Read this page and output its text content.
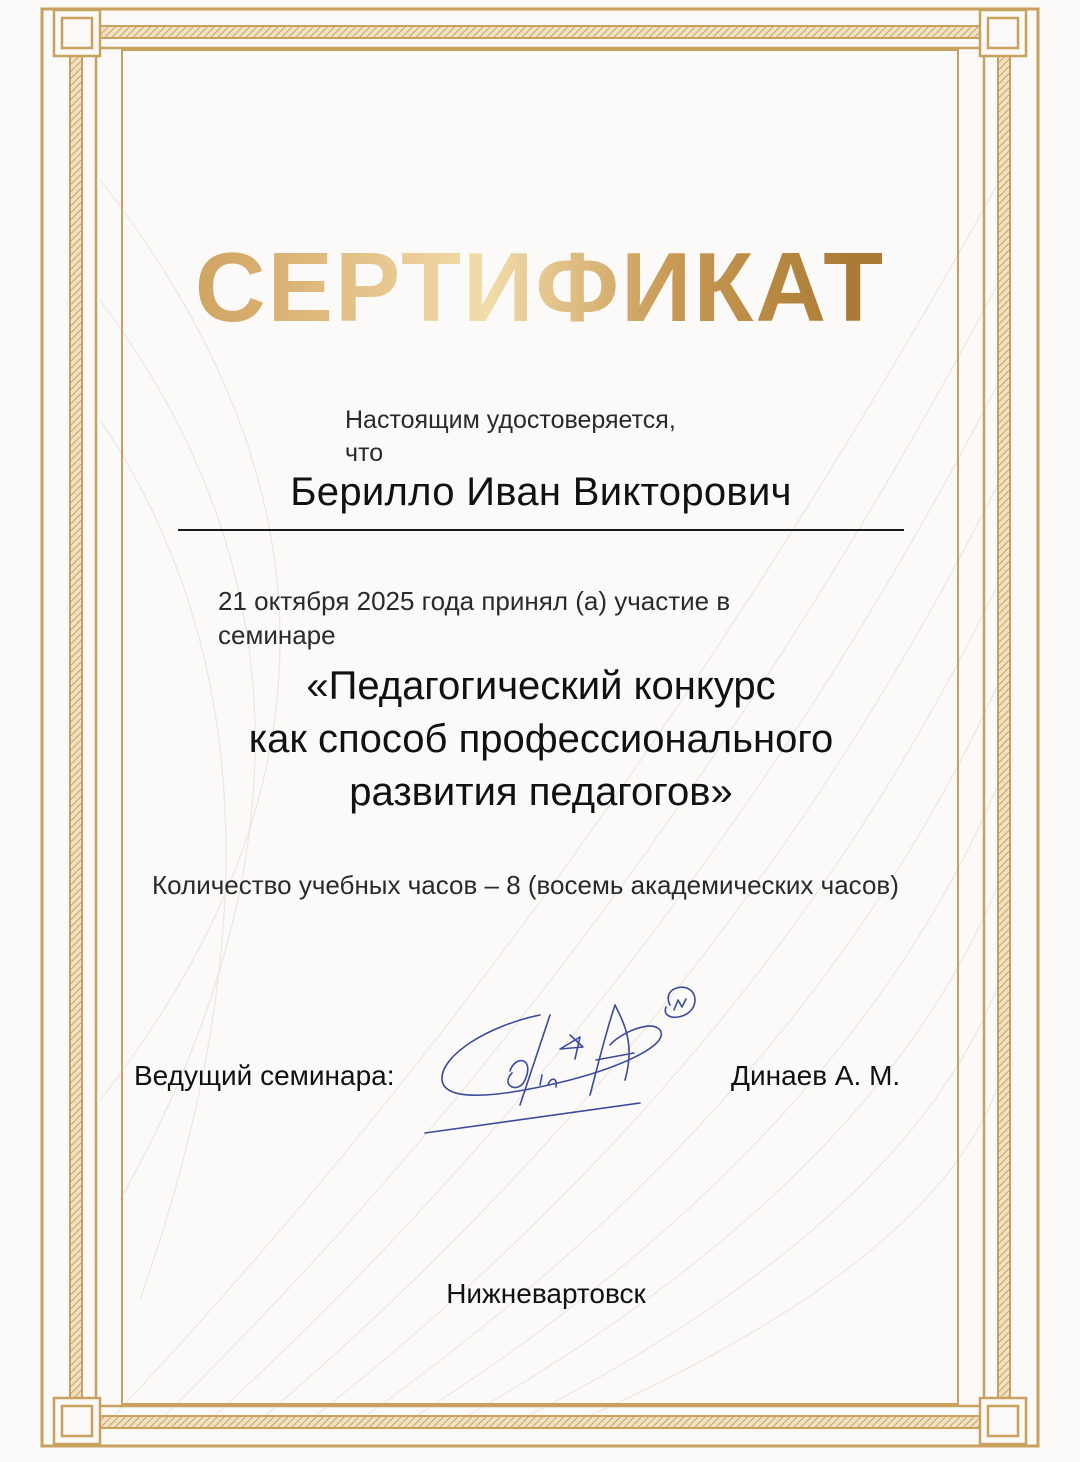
СЕРТИФИКАТ
Настоящим удостоверяется,
что
Берилло Иван Викторович
21 октября 2025 года принял (а) участие в
семинаре
«Педагогический конкурс
как способ профессионального
развития педагогов»
Количество учебных часов – 8 (восемь академических часов)
Ведущий семинара:	Динаев А. М.
Нижневартовск
